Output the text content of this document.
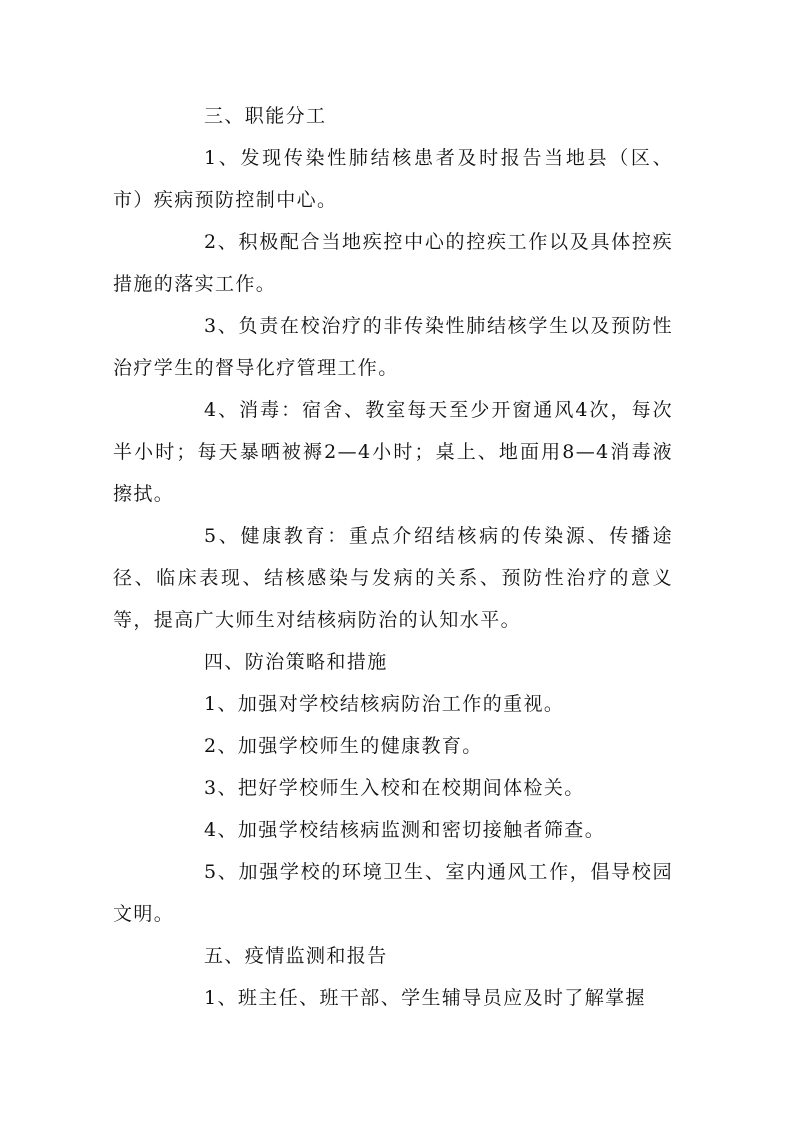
三、职能分工

1、发现传染性肺结核患者及时报告当地县（区、市）疾病预防控制中心。

2、积极配合当地疾控中心的控疾工作以及具体控疾措施的落实工作。

3、负责在校治疗的非传染性肺结核学生以及预防性治疗学生的督导化疗管理工作。

4、消毒：宿舍、教室每天至少开窗通风4次，每次半小时；每天暴晒被褥2—4小时；桌上、地面用8—4消毒液擦拭。

5、健康教育：重点介绍结核病的传染源、传播途径、临床表现、结核感染与发病的关系、预防性治疗的意义等，提高广大师生对结核病防治的认知水平。

四、防治策略和措施

1、加强对学校结核病防治工作的重视。

2、加强学校师生的健康教育。

3、把好学校师生入校和在校期间体检关。

4、加强学校结核病监测和密切接触者筛查。

5、加强学校的环境卫生、室内通风工作，倡导校园文明。

五、疫情监测和报告

1、班主任、班干部、学生辅导员应及时了解掌握
